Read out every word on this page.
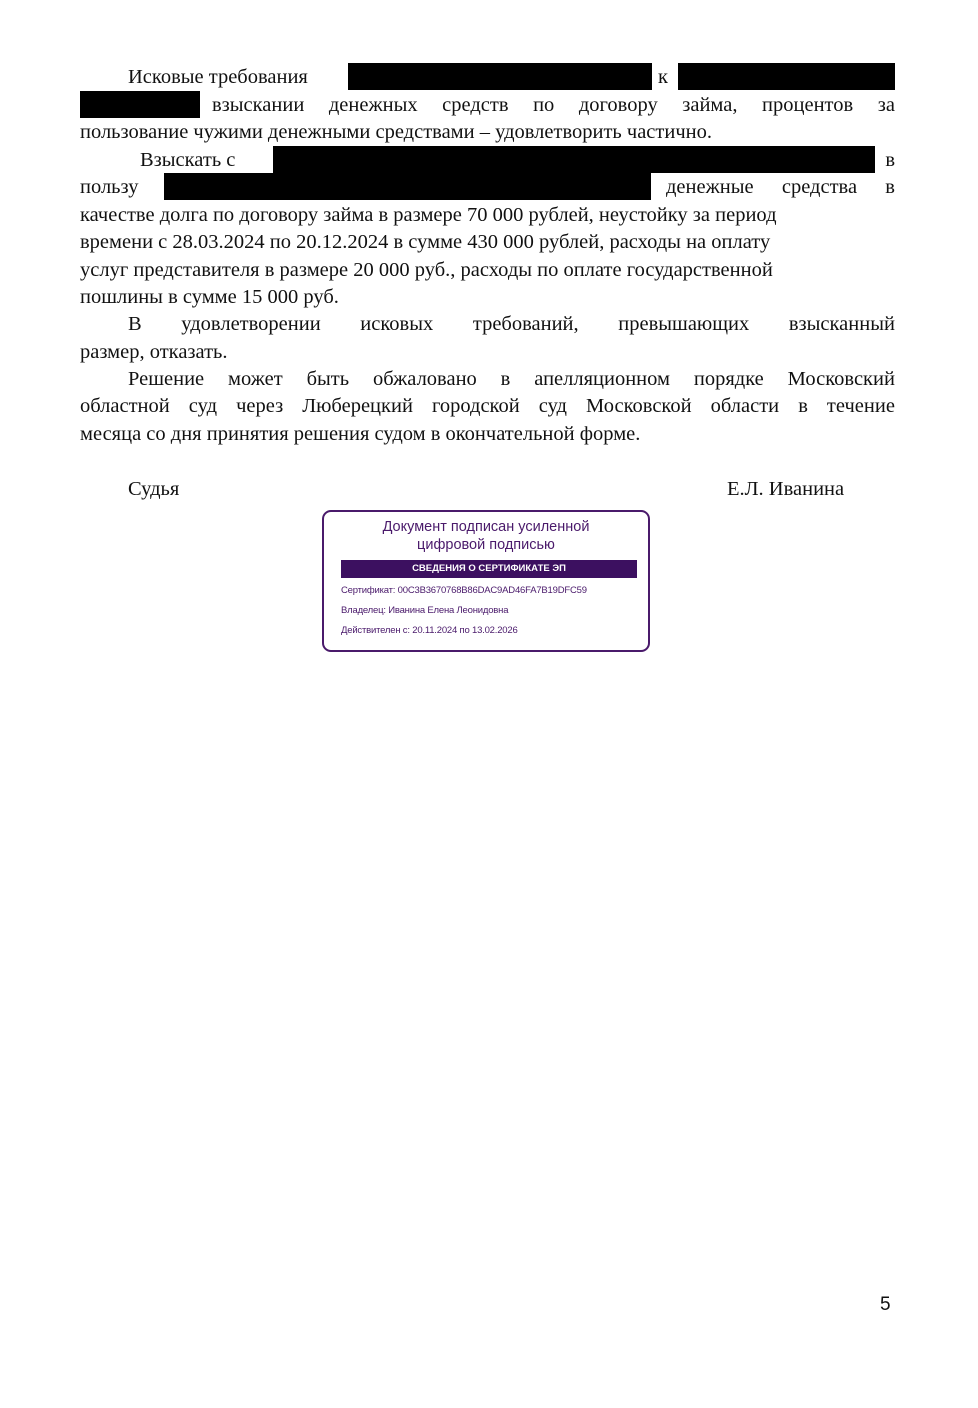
Исковые требования	к
взыскании денежных средств по договору займа, процентов за
пользование чужими денежными средствами – удовлетворить частично.
Взыскать с	в
пользу	денежные средства в
качестве долга по договору займа в размере 70 000 рублей, неустойку за период
времени с 28.03.2024 по 20.12.2024 в сумме 430 000 рублей, расходы на оплату
услуг представителя в размере 20 000 руб., расходы по оплате государственной
пошлины в сумме 15 000 руб.
В удовлетворении исковых требований, превышающих взысканный
размер, отказать.
Решение может быть обжаловано в апелляционном порядке Московский
областной суд через Люберецкий городской суд Московской области в течение
месяца со дня принятия решения судом в окончательной форме.
Судья	Е.Л. Иванина
Документ подписан усиленной
цифровой подписью
СВЕДЕНИЯ О СЕРТИФИКАТЕ ЭП
Сертификат: 00C3B3670768B86DAC9AD46FA7B19DFC59
Владелец: Иванина Елена Леонидовна
Действителен с: 20.11.2024 по 13.02.2026
5
